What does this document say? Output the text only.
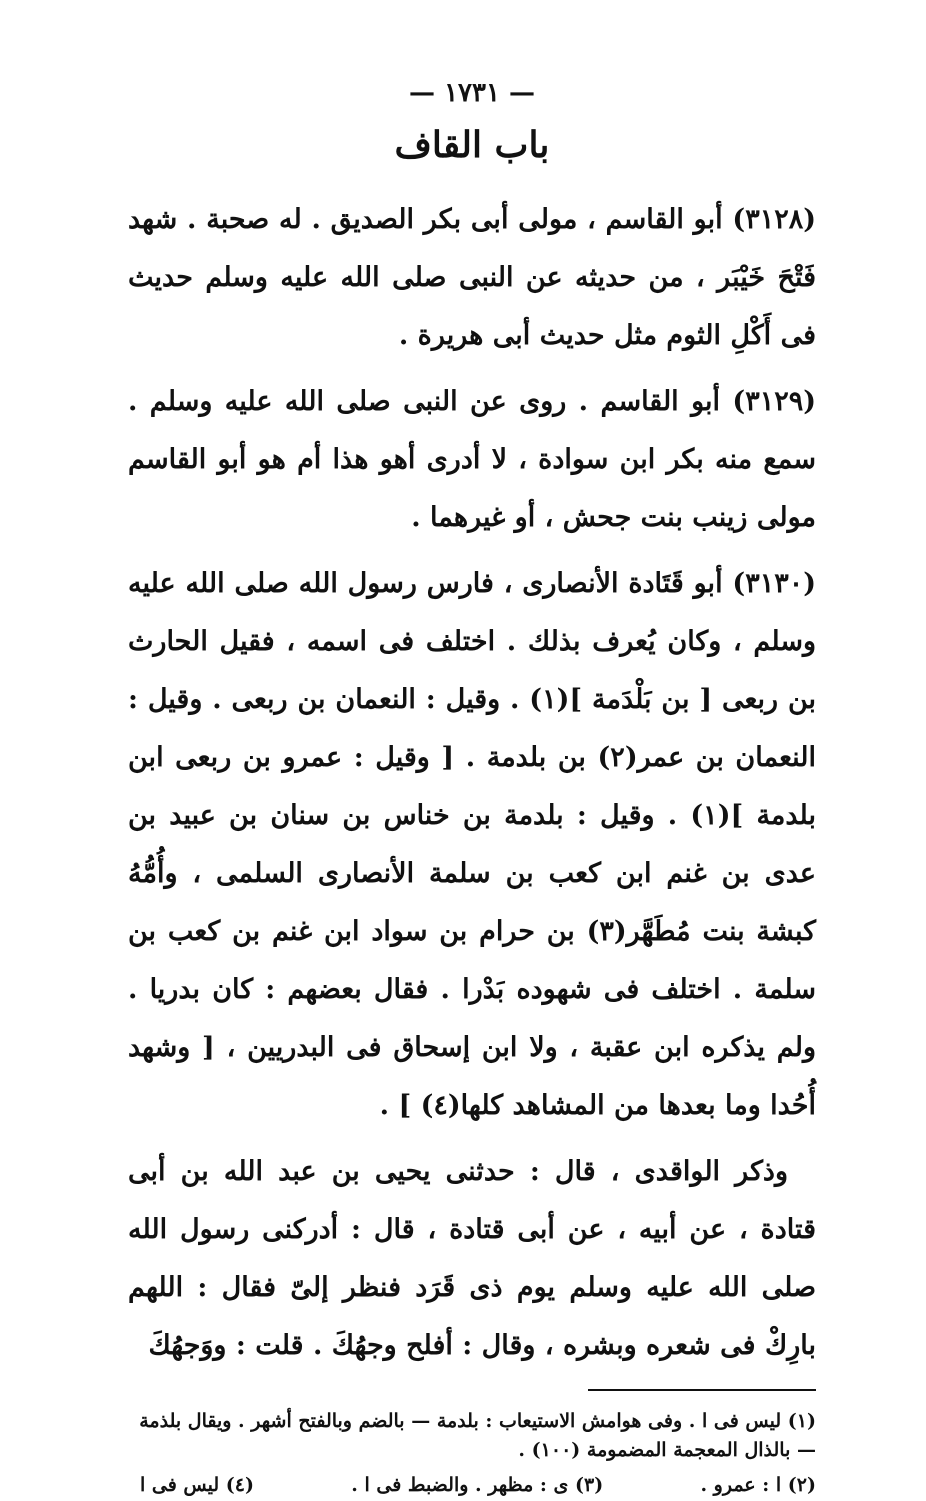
— ١٧٣١ —
باب القاف

(٣١٢٨) أبو القاسم ، مولى أبى بكر الصديق . له صحبة . شهد فَتْحَ خَيْبَر ، من حديثه عن النبى صلى الله عليه وسلم حديث فى أَكْلِ الثوم مثل حديث أبى هريرة .

(٣١٢٩) أبو القاسم . روى عن النبى صلى الله عليه وسلم . سمع منه بكر ابن سوادة ، لا أدرى أهو هذا أم هو أبو القاسم مولى زينب بنت جحش ، أو غيرهما .

(٣١٣٠) أبو قَتَادة الأنصارى ، فارس رسول الله صلى الله عليه وسلم ، وكان يُعرف بذلك . اختلف فى اسمه ، فقيل الحارث بن ربعى [ بن بَلْدَمة ](١) . وقيل : النعمان بن ربعى . وقيل : النعمان بن عمر(٢) بن بلدمة . [ وقيل : عمرو بن ربعى ابن بلدمة ](١) . وقيل : بلدمة بن خناس بن سنان بن عبيد بن عدى بن غنم ابن كعب بن سلمة الأنصارى السلمى ، وأُمُّهُ كبشة بنت مُطَهَّر(٣) بن حرام بن سواد ابن غنم بن كعب بن سلمة . اختلف فى شهوده بَدْرا . فقال بعضهم : كان بدريا . ولم يذكره ابن عقبة ، ولا ابن إسحاق فى البدريين ، [ وشهد أُحُدا وما بعدها من المشاهد كلها(٤) ] .

وذكر الواقدى ، قال : حدثنى يحيى بن عبد الله بن أبى قتادة ، عن أبيه ، عن أبى قتادة ، قال : أدركنى رسول الله صلى الله عليه وسلم يوم ذى قَرَد فنظر إلىّ فقال : اللهم بارِكْ فى شعره وبشره ، وقال : أفلح وجهُكَ . قلت : ووَجهُكَ

(١) ليس فى ا . وفى هوامش الاستيعاب : بلدمة — بالضم وبالفتح أشهر . ويقال بلذمة — بالذال المعجمة المضمومة (١٠٠) .
(٢) ا : عمرو .
(٣) ى : مظهر . والضبط فى ا .
(٤) ليس فى ا
